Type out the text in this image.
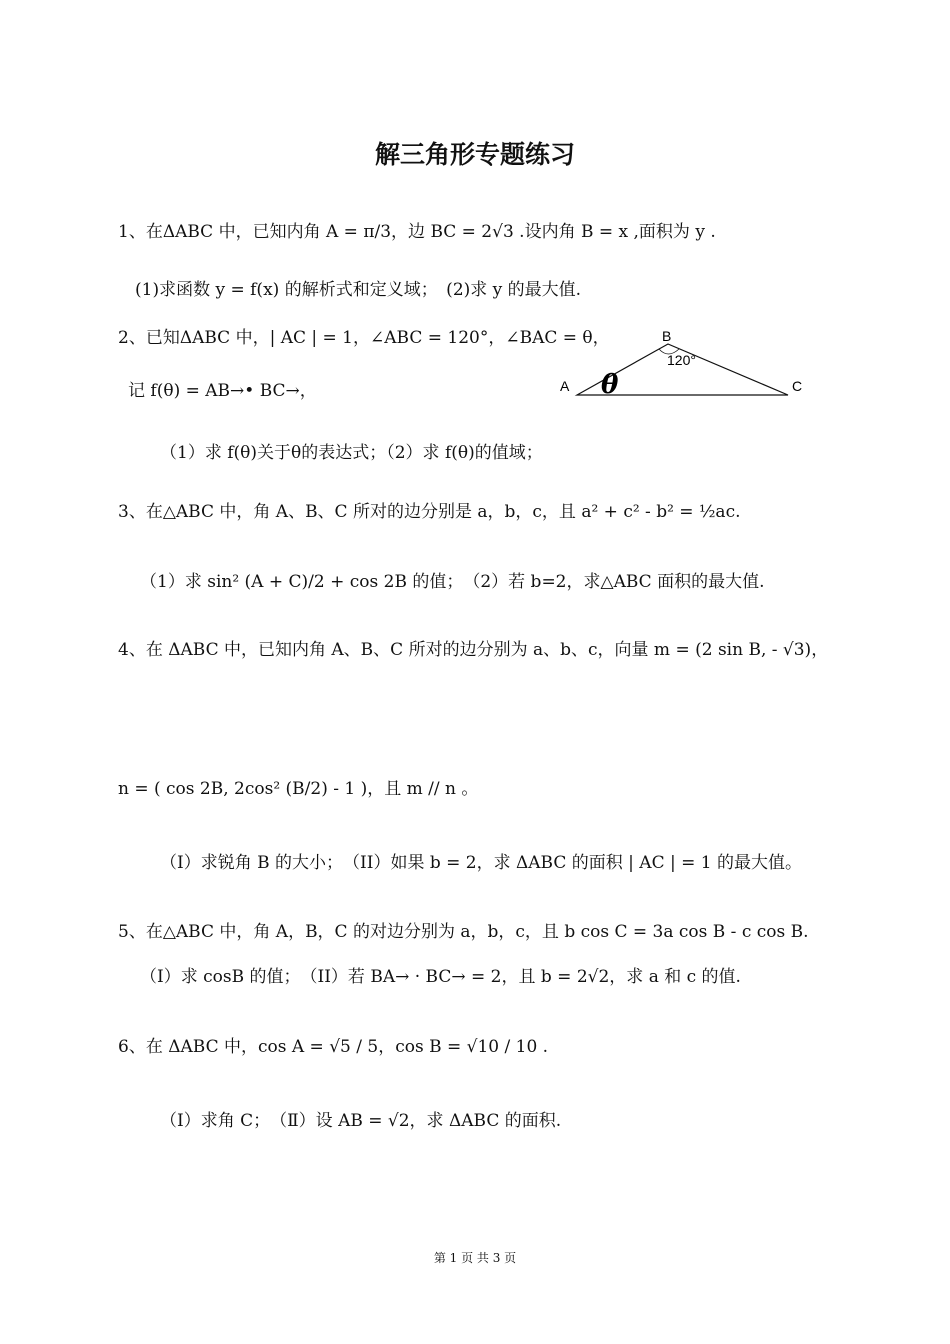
解三角形专题练习
1、在ΔABC 中，已知内角 A = π/3，边 BC = 2√3 .设内角 B = x ,面积为 y .
(1)求函数 y = f(x) 的解析式和定义域；　(2)求 y 的最大值.
2、已知ΔABC 中，| AC | = 1，∠ABC = 120°，∠BAC = θ，
记 f(θ) = AB→• BC→，
（1）求 f(θ)关于θ的表达式；（2）求 f(θ)的值域；
A
B
C
120°
θ
3、在△ABC 中，角 A、B、C 所对的边分别是 a，b，c，且 a² + c² - b² = ½ac.
（1）求 sin² (A + C)/2 + cos 2B 的值；　（2）若 b=2，求△ABC 面积的最大值.
4、在 ΔABC 中，已知内角 A、B、C 所对的边分别为 a、b、c，向量 m = (2 sin B, - √3)，
n = ( cos 2B, 2cos² (B/2) - 1 )，且 m // n 。
（I）求锐角 B 的大小；　（II）如果 b = 2，求 ΔABC 的面积 | AC | = 1 的最大值。
5、在△ABC 中，角 A，B，C 的对边分别为 a，b，c，且 b cos C = 3a cos B - c cos B.
（I）求 cosB 的值；　（II）若 BA→ · BC→ = 2，且 b = 2√2，求 a 和 c 的值.
6、在 ΔABC 中，cos A = √5 / 5，cos B = √10 / 10 .
（Ⅰ）求角 C；　（Ⅱ）设 AB = √2，求 ΔABC 的面积.
第 1 页 共 3 页
